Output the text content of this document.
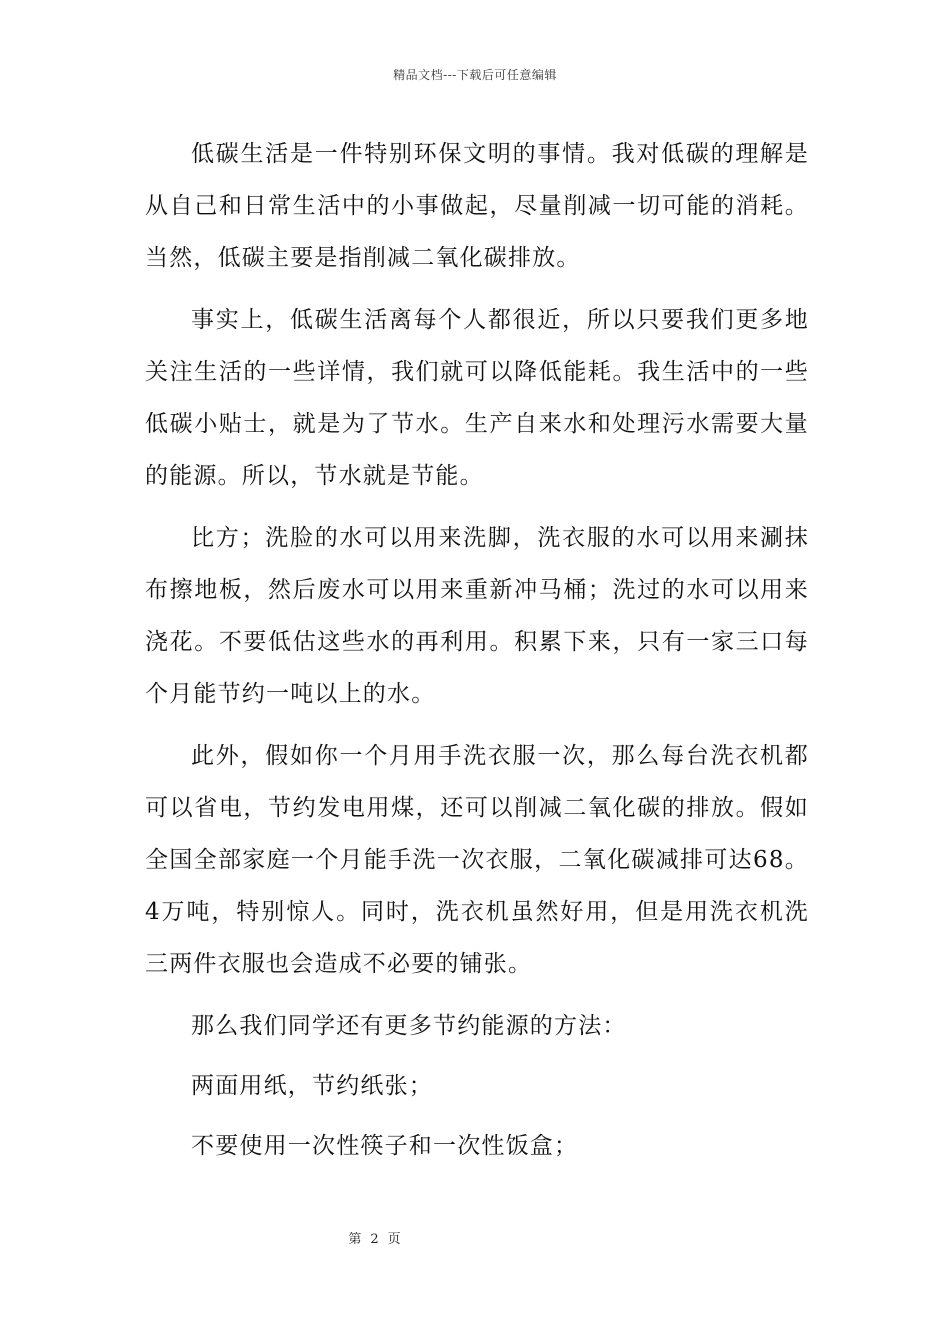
精品文档---下载后可任意编辑

低碳生活是一件特别环保文明的事情。我对低碳的理解是从自己和日常生活中的小事做起，尽量削减一切可能的消耗。当然，低碳主要是指削减二氧化碳排放。

事实上，低碳生活离每个人都很近，所以只要我们更多地关注生活的一些详情，我们就可以降低能耗。我生活中的一些低碳小贴士，就是为了节水。生产自来水和处理污水需要大量的能源。所以，节水就是节能。

比方；洗脸的水可以用来洗脚，洗衣服的水可以用来涮抹布擦地板，然后废水可以用来重新冲马桶；洗过的水可以用来浇花。不要低估这些水的再利用。积累下来，只有一家三口每个月能节约一吨以上的水。

此外，假如你一个月用手洗衣服一次，那么每台洗衣机都可以省电，节约发电用煤，还可以削减二氧化碳的排放。假如全国全部家庭一个月能手洗一次衣服，二氧化碳减排可达68。4万吨，特别惊人。同时，洗衣机虽然好用，但是用洗衣机洗三两件衣服也会造成不必要的铺张。

那么我们同学还有更多节约能源的方法：

两面用纸，节约纸张；

不要使用一次性筷子和一次性饭盒；

第 2 页
